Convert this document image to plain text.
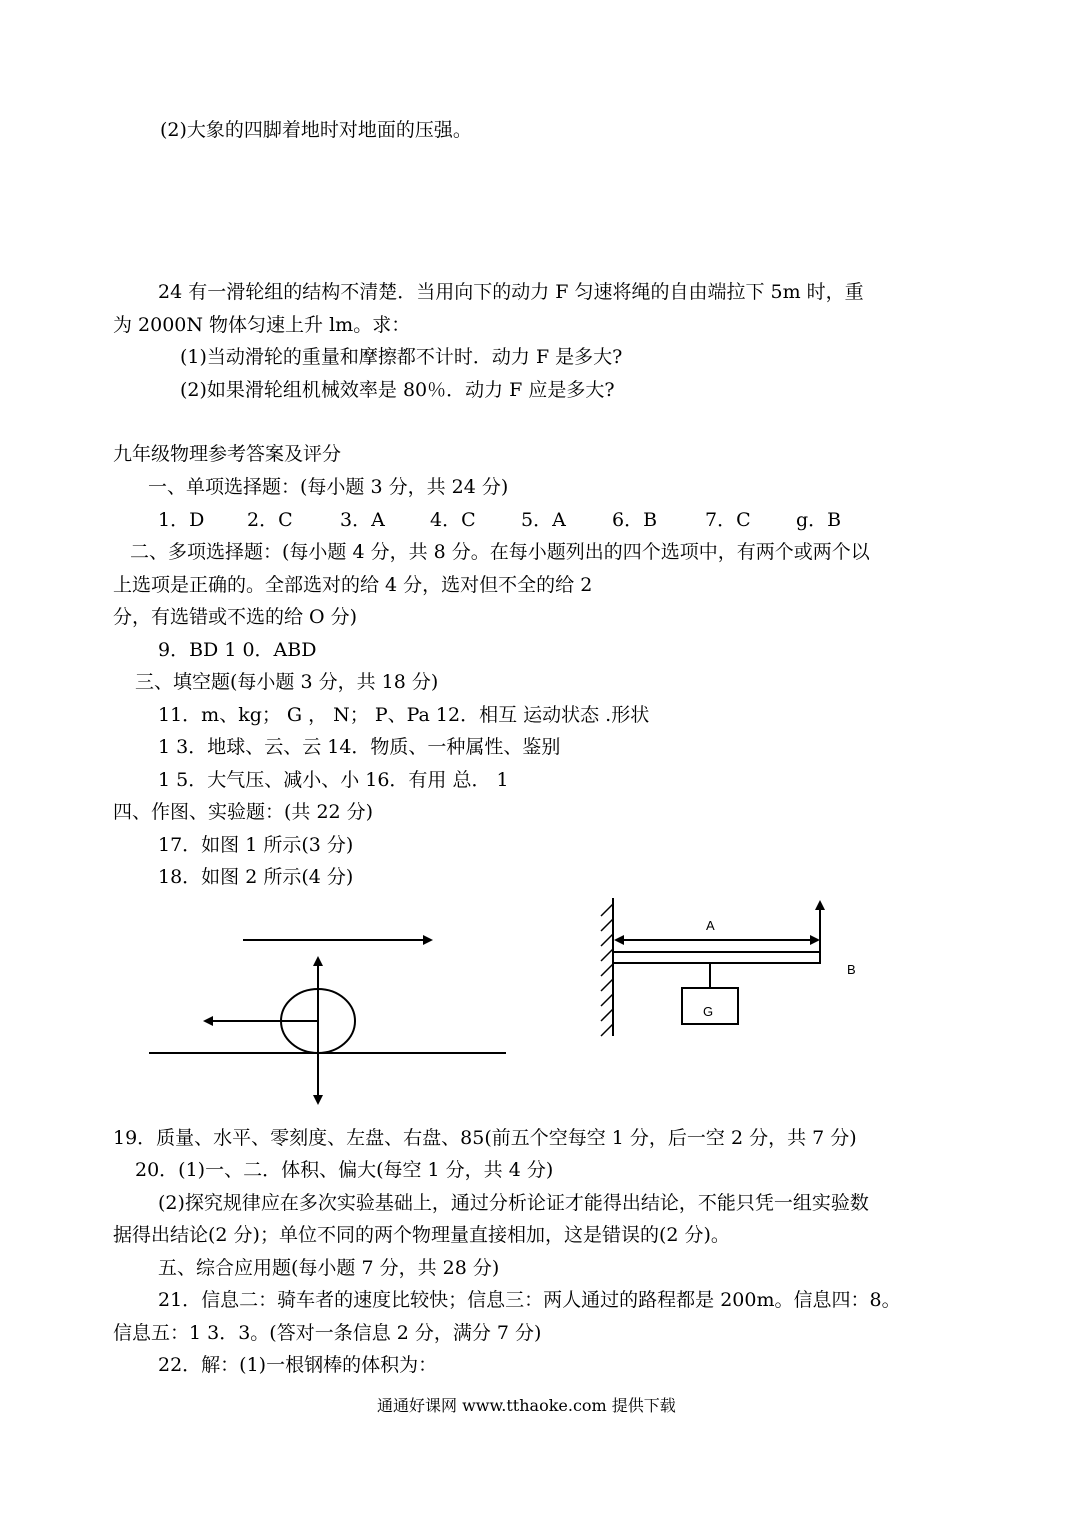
(2)大象的四脚着地时对地面的压强。
24 有一滑轮组的结构不清楚．当用向下的动力 F 匀速将绳的自由端拉下 5m 时，重
为 2000N 物体匀速上升 lm。求：
(1)当动滑轮的重量和摩擦都不计时．动力 F 是多大?
(2)如果滑轮组机械效率是 80％．动力 F 应是多大?
九年级物理参考答案及评分
一、单项选择题：(每小题 3 分，共 24 分)
1．D 2．C 3．A 4．C 5．A 6．B	7．C g．B
二、多项选择题：(每小题 4 分，共 8 分。在每小题列出的四个选项中，有两个或两个以
上选项是正确的。全部选对的给 4 分，选对但不全的给 2
分，有选错或不选的给 O 分)
9．BD 1 0．ABD
三、填空题(每小题 3 分，共 18 分)
11．m、kg； G ， N； P、Pa 12．相互 运动状态 .形状
1 3．地球、云、云 14．物质、一种属性、鉴别
1 5．大气压、减小、小 16．有用 总． 1
四、作图、实验题：(共 22 分)
17．如图 1 所示(3 分)
18．如图 2 所示(4 分)
A
B
G
19．质量、水平、零刻度、左盘、右盘、85(前五个空每空 1 分，后一空 2 分，共 7 分)
20．(1)一、二．体积、偏大(每空 1 分，共 4 分)
(2)探究规律应在多次实验基础上，通过分析论证才能得出结论，不能只凭一组实验数
据得出结论(2 分)；单位不同的两个物理量直接相加，这是错误的(2 分)。
五、综合应用题(每小题 7 分，共 28 分)
21．信息二：骑车者的速度比较快；信息三：两人通过的路程都是 200m。信息四：8。
信息五：1 3．3。(答对一条信息 2 分，满分 7 分)
22．解：(1)一根钢棒的体积为：
通通好课网 www.tthaoke.com 提供下载
